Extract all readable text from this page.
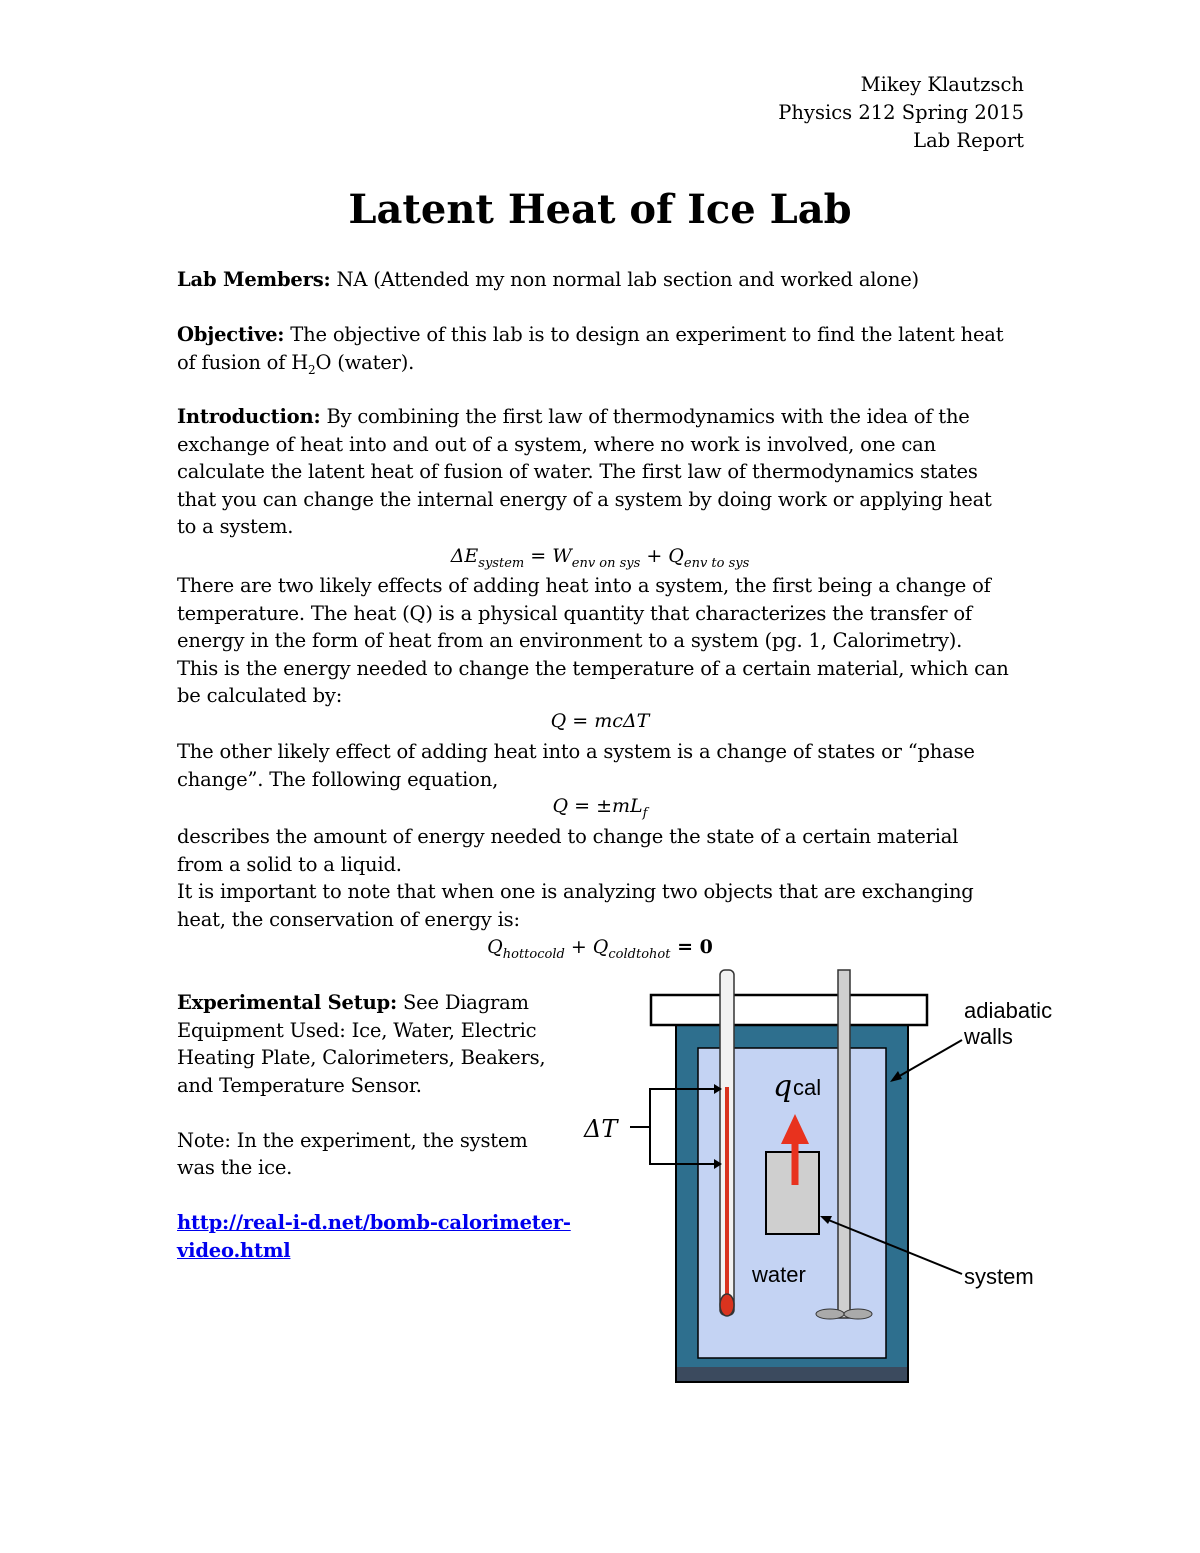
Mikey Klautzsch
Physics 212 Spring 2015
Lab Report
Latent Heat of Ice Lab
Lab Members: NA (Attended my non normal lab section and worked alone)
Objective: The objective of this lab is to design an experiment to find the latent heat
of fusion of $H_2O$ (water).
Introduction: By combining the first law of thermodynamics with the idea of the
exchange of heat into and out of a system, where no work is involved, one can
calculate the latent heat of fusion of water. The first law of thermodynamics states
that you can change the internal energy of a system by doing work or applying heat
to a system.
$\Delta E_{system} = W_{env on sys} + Q_{env to sys}$
There are two likely effects of adding heat into a system, the first being a change of
temperature. The heat (Q) is a physical quantity that characterizes the transfer of
energy in the form of heat from an environment to a system (pg. 1, Calorimetry).
This is the energy needed to change the temperature of a certain material, which can
be calculated by:
Q = mcΔT
The other likely effect of adding heat into a system is a change of states or “phase
change”. The following equation,
$Q = \pm mL_f$
describes the amount of energy needed to change the state of a certain material
from a solid to a liquid.
It is important to note that when one is analyzing two objects that are exchanging
heat, the conservation of energy is:
$Q_{hottocold} + Q_{coldtohot} = 0$
Experimental Setup: See Diagram
Equipment Used: Ice, Water, Electric
Heating Plate, Calorimeters, Beakers,
and Temperature Sensor.
Note: In the experiment, the system
was the ice.
http://real-i-d.net/bomb-calorimeter-
video.html
adiabatic
walls
q cal
ΔT
water	system
